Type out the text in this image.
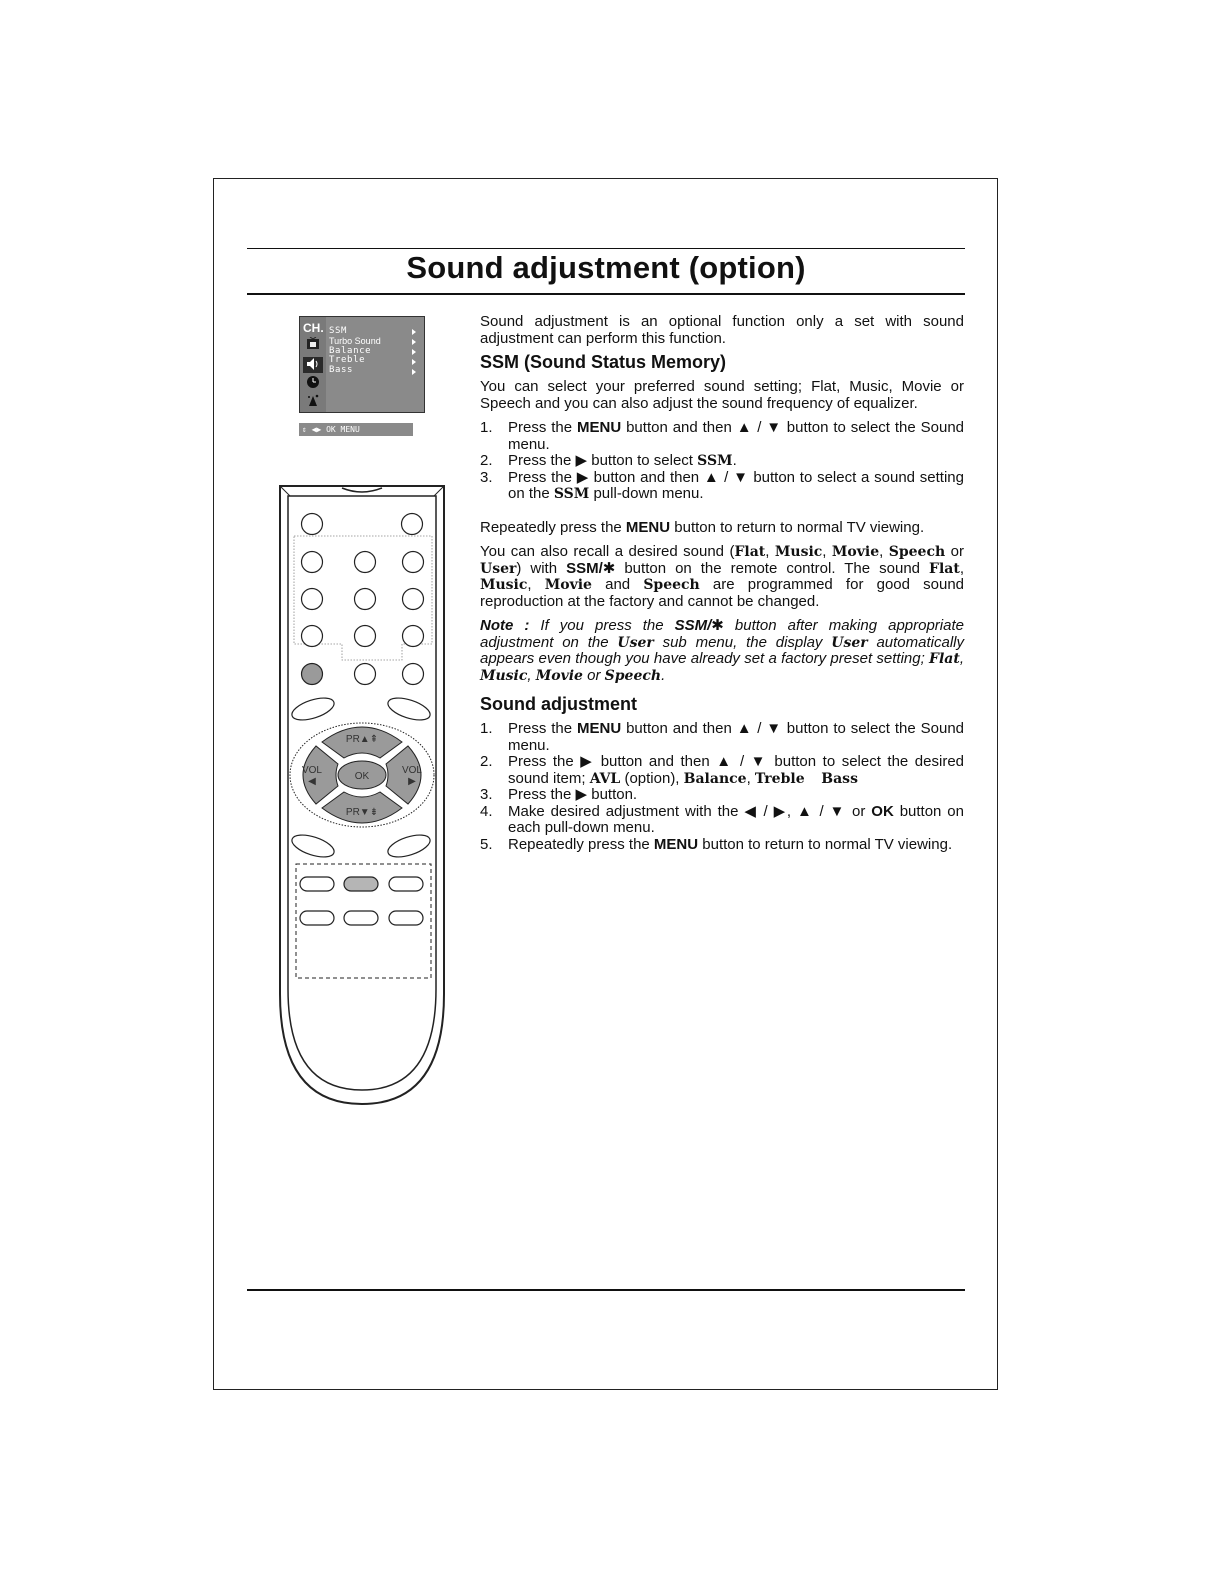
Sound adjustment (option)
CH. SSM
Turbo Sound
Balance
Treble
Bass
⇕ ◀▶ OK MENU
PR▲⇞
PR▼⇟
VOL
◀
VOL
▶
OK

Sound adjustment is an optional function only a set with sound adjustment can perform this function.

SSM (Sound Status Memory)

You can select your preferred sound setting; Flat, Music, Movie or Speech and you can also adjust the sound frequency of equalizer.

1. Press the MENU button and then ▲ / ▼ button to select the Sound menu.
2. Press the ▶ button to select SSM.
3. Press the ▶ button and then ▲ / ▼ button to select a sound setting on the SSM pull-down menu.

Repeatedly press the MENU button to return to normal TV viewing.

You can also recall a desired sound (Flat, Music, Movie, Speech or User) with SSM/✱ button on the remote control. The sound Flat, Music, Movie and Speech are programmed for good sound reproduction at the factory and cannot be changed.

Note : If you press the SSM/✱ button after making appropriate adjustment on the User sub menu, the display User automatically appears even though you have already set a factory preset setting; Flat, Music, Movie or Speech.

Sound adjustment
1. Press the MENU button and then ▲ / ▼ button to select the Sound menu.
2. Press the ▶ button and then ▲ / ▼ button to select the desired sound item; AVL (option), Balance, Treble Bass
3. Press the ▶ button.
4. Make desired adjustment with the ◀ / ▶, ▲ / ▼ or OK button on each pull-down menu.
5. Repeatedly press the MENU button to return to normal TV viewing.
